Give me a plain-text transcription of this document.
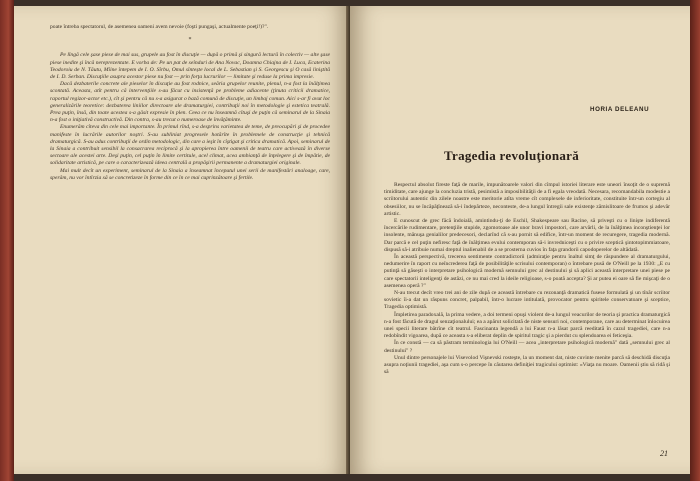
poate întreba spectatorul, de asemenea oameni avem nevoie (foşti pungaşi, actualmente poeţi!)?".

*

Pe lîngă cele şase piese de mai sus, grupele au fost în discuţie — după o primă şi singură lectură în colectiv — alte şase piese inedite şi încă nereprezentate. E vorba de: Pe un pat de seînduri de Ana Novac, Doamna Chiajna de I. Luca, Ecaterina Teodoroiu de N. Tăutu, Mîine întepem de I. O. Sîrbu, Omul sîntește local de L. Sebastian şi S. Georgescu şi O casă liniştită de I. D. Serban. Discuţiile asupra acestor piese nu fost — prin forţa lucrurilor — limitate şi reduse la prima impresie.

Dacă dezbaterile concrete ale pieselor în discuţie au fost rodnice, seăria grupelor reunite, plenul, n-a fost la înălţimea scontată. Aceasta, atît pentru că intervenţiile s-au făcut cu insistenţă pe probleme adiacente (ţinuta criticii dramatice, raportul regizor-actor etc.), cît şi pentru că nu s-a asigurat o bază comună de discuţie, un limbaj comun. Aici s-ar fi avut loc generalizările teoretice: dezbaterea liniilor directoare ale dramaturgiei, contribuţii noi în metodologie şi estetica teatrală. Prea puţin, însă, din toate acestea s-a găsit expresie în plen. Ceea ce nu înseamnă cîtuşi de puţin că seminarul de la Sinaia n-a fost o iniţiativă constructivă. Din contra, s-au trecut o numeroase de învăţăminte.

Enumerăm cîteva din cele mai importante. În primul rînd, s-a desprins varietatea de teme, de preocupări şi de procedee manifeste în lucrările autorilor noştri. S-au subliniat progresele hotărîte în problemele de construcţie şi tehnică dramaturgică. S-au adus contribuţii de ordin metodologic, din care a ieşit în cîştigat şi critica dramatică. Apoi, seminarul de la Sinaia a contribuit sensibil la consacrarea reciprocă şi la apropierea între oamenii de teatru care activează în diverse sectoare ale acestei arte. Deşi puţin, cel puţin în limite certitule, acel climat, acea ambianţă de înţelegere şi de împătie, de solidaritate artistică, pe care o caracterizează ideea centrală a propăşirii permanente a dramaturgiei originale.

Mai mult decît un experiment, seminarul de la Sinaia a înseamnat începutul unei serii de manifestări analoage, care, sperăm, nu vor întîrzia să se concretizeze în forme din ce în ce mai cuprinzătoare şi fertile.

HORIA DELEANU
Tragedia revoluţionară

Respectul absolut fireste faţă de marile, impunătoarele valori din cîmpul istoriei literare este uneori însoţit de o supremă timiditate, care ajunge la concluzia tristă, pesimistă a imposibilităţii de a fi egala vreodată. Necesara, recomandabila modestie a scriitorului autentic din zilele noastre este meritorie atîta vreme cît complexele de inferioritate, constituite într-un cortegiu al obsesiilor, nu se încăpăţînează să-i îndepărteze, neconteste, de-a lungul întregii sale existenţe zămislitoare de frumos şi adevăr artistic.

E cunoscut de grec făcă îndoială, amintindu-ţi de Eschil, Shakespeare sau Racine, să priveşti cu o linişte indiferentă încercările rudimentare, pretenţiile stupide, zgomotoase ale unor bravi impostori, care arvărli, de la înălţimea inconştienţei lor insolente, mănuşa genialilor predecesori, declarînd că s-au pornit să edifice, într-un moment de recuregere, tragedia modernă. Dar parcă e cel puţin nefiresc faţă de înălţimea evului contemporan să-i invredniceşti cu o privire sceptică şintotopimmiatoare, dispusă să-i atribuie numai dreptul inalienabil de a se prosterna cuvios în faţa grandorii capodoperelor de altădată.

În această perspectivă, trecerea sentimente contradictorii (admiraţie pentru înaltul simţ de răspundere al dramaturgului, nedumerire în raport cu neîncrederea faţă de posibilităţile scrisului contemporan) o întrebare pusă de O'Neill pe la 1930: „E cu putinţă să găseşti o interpretare psihologică modernă semnului grec al destinului şi să aplici această interpretare unei piese pe care spectatorii inteligenţi de astăzi, ce nu mai cred la ideile religioase, s-o poată accepta? Şi ar putea ei oare să fie mişcaţi de o asemenea operă ?"

N-au trecut decît vreo trei ani de zile după ce această întrebare cu rezonanţă dramatică fusese formulată şi un tînăr scriitor sovietic îi-a dat un răspuns concret, palpabil, într-o lucrare intitulată, provocator pentru spiritele conservatoare şi sceptice, Tragedia optimistă.

Împletirea paradoxală, la prima vedere, a doi termeni opuşi violent de-a lungul veacurilor de teoria şi practica dramaturgică n-a fost făcută de dragul senzaţionalului; ea a apărut solicitată de niste sensuri noi, contemporane, care au determinat înlocuirea unei specii literare bătrîne cît teatrul. Fascinanta legendă a lui Faust n-a lăsat parcă reeditată în cazul tragediei, care n-a redobîndit vigoarea, după ce aceasta s-a eliberat deplin de spiritul tragic şi a pierdut cu splendoarea ei feticeşia.

În ce constă — ca să păstram terminologia lui O'Neill — acea „interpretare psihologică modernă" dată „semnului grec al destinului" ?

Unul dintre personajele lui Visevolod Vişnevski rosteşte, la un moment dat, niste cuvinte menite parcă să deschidă discuţia asupra noţiunii tragediei, aşa cum s-o percepe în căutarea definiţiei tragicului optimist: «Viaţa nu moare. Oamenii ştiu să ridă şi să

21
